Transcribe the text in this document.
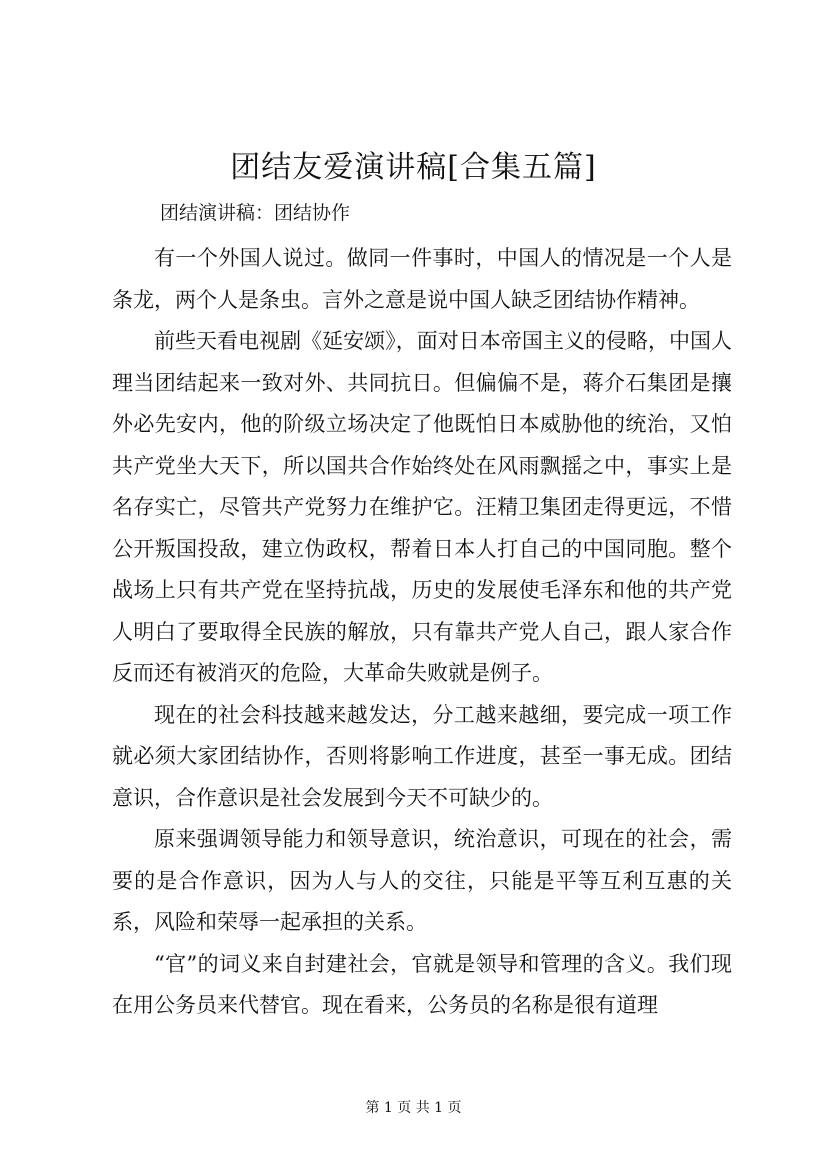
团结友爱演讲稿[合集五篇]
团结演讲稿：团结协作

有一个外国人说过。做同一件事时，中国人的情况是一个人是条龙，两个人是条虫。言外之意是说中国人缺乏团结协作精神。

前些天看电视剧《延安颂》，面对日本帝国主义的侵略，中国人理当团结起来一致对外、共同抗日。但偏偏不是，蒋介石集团是攘外必先安内，他的阶级立场决定了他既怕日本威胁他的统治，又怕共产党坐大天下，所以国共合作始终处在风雨飘摇之中，事实上是名存实亡，尽管共产党努力在维护它。汪精卫集团走得更远，不惜公开叛国投敌，建立伪政权，帮着日本人打自己的中国同胞。整个战场上只有共产党在坚持抗战，历史的发展使毛泽东和他的共产党人明白了要取得全民族的解放，只有靠共产党人自己，跟人家合作反而还有被消灭的危险，大革命失败就是例子。

现在的社会科技越来越发达，分工越来越细，要完成一项工作就必须大家团结协作，否则将影响工作进度，甚至一事无成。团结意识，合作意识是社会发展到今天不可缺少的。

原来强调领导能力和领导意识，统治意识，可现在的社会，需要的是合作意识，因为人与人的交往，只能是平等互利互惠的关系，风险和荣辱一起承担的关系。

“官”的词义来自封建社会，官就是领导和管理的含义。我们现在用公务员来代替官。现在看来，公务员的名称是很有道理

第 1 页 共 1 页
